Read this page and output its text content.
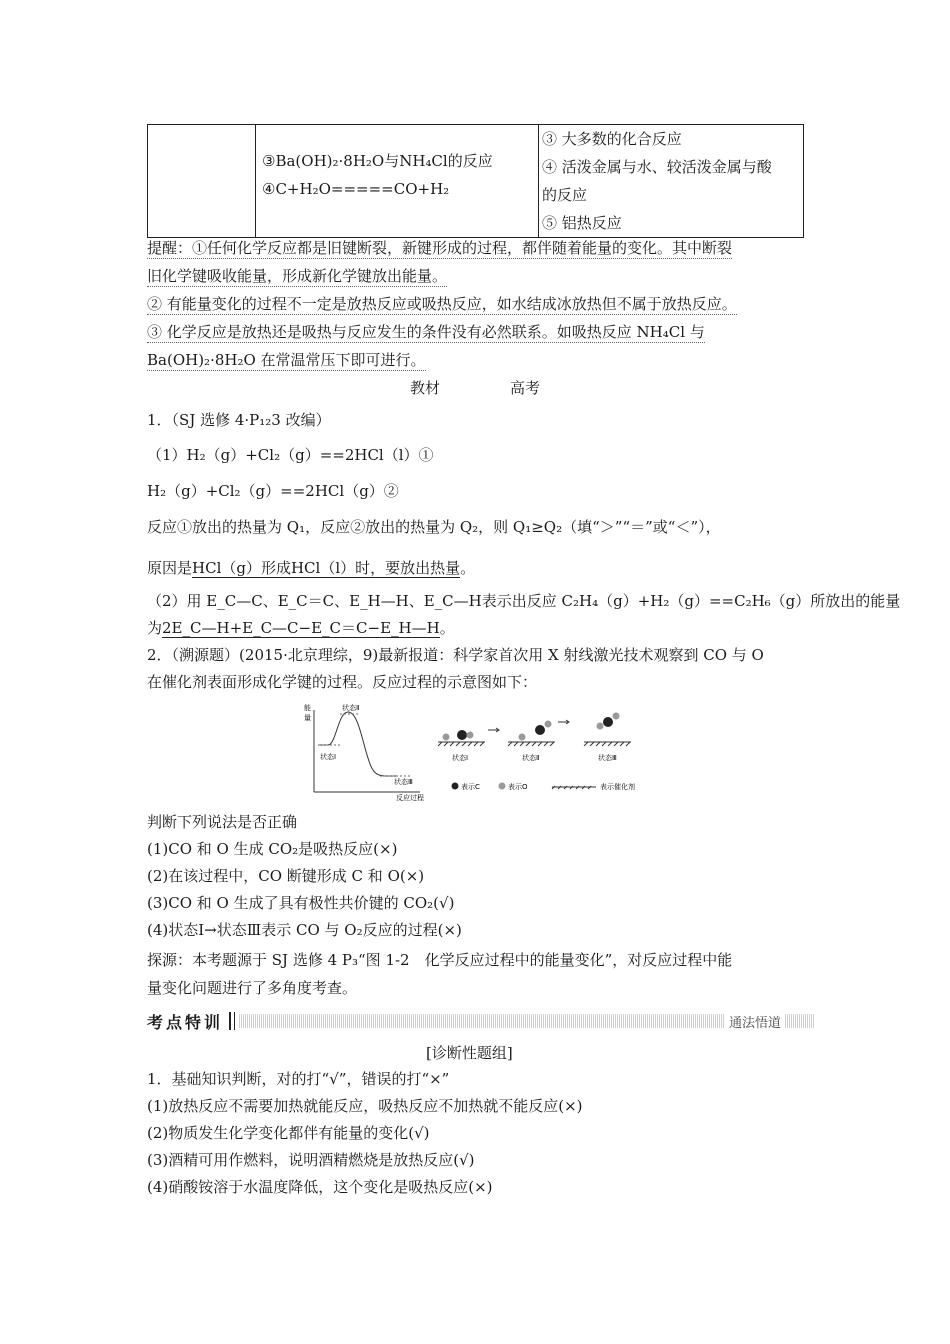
③Ba(OH)₂·8H₂O与NH₄Cl的反应
④C+H₂O=====CO+H₂

③ 大多数的化合反应
④ 活泼金属与水、较活泼金属与酸
的反应
⑤ 铝热反应
提醒：①任何化学反应都是旧键断裂，新键形成的过程，都伴随着能量的变化。其中断裂
旧化学键吸收能量，形成新化学键放出能量。
② 有能量变化的过程不一定是放热反应或吸热反应，如水结成冰放热但不属于放热反应。
③ 化学反应是放热还是吸热与反应发生的条件没有必然联系。如吸热反应 NH₄Cl 与
Ba(OH)₂·8H₂O 在常温常压下即可进行。
教材	高考
1．（SJ 选修 4·P₁₂3 改编）
（1）H₂（g）+Cl₂（g）==2HCl（l）①
H₂（g）+Cl₂（g）==2HCl（g）②
反应①放出的热量为 Q₁，反应②放出的热量为 Q₂，则 Q₁≥Q₂（填“＞”“＝”或“＜”），
原因是HCl（g）形成HCl（l）时，要放出热量。
（2）用 E_C—C、E_C＝C、E_H—H、E_C—H表示出反应 C₂H₄（g）+H₂（g）==C₂H₆（g）所放出的能量
为2E_C—H+E_C—C−E_C＝C−E_H—H。
2．（溯源题）(2015·北京理综，9)最新报道：科学家首次用 X 射线激光技术观察到 CO 与 O
在催化剂表面形成化学键的过程。反应过程的示意图如下：
能
量
反应过程
状态Ⅱ
状态Ⅰ
状态Ⅲ
状态Ⅰ	状态Ⅱ	状态Ⅲ
表示C	表示O	表示催化剂
判断下列说法是否正确
(1)CO 和 O 生成 CO₂是吸热反应(×)
(2)在该过程中，CO 断键形成 C 和 O(×)
(3)CO 和 O 生成了具有极性共价键的 CO₂(√)
(4)状态Ⅰ→状态Ⅲ表示 CO 与 O₂反应的过程(×)
探源：本考题源于 SJ 选修 4 P₃“图 1-2　化学反应过程中的能量变化”，对反应过程中能
量变化问题进行了多角度考查。
考点特训	通法悟道
[诊断性题组]
1．基础知识判断，对的打“√”，错误的打“×”
(1)放热反应不需要加热就能反应，吸热反应不加热就不能反应(×)
(2)物质发生化学变化都伴有能量的变化(√)
(3)酒精可用作燃料，说明酒精燃烧是放热反应(√)
(4)硝酸铵溶于水温度降低，这个变化是吸热反应(×)
